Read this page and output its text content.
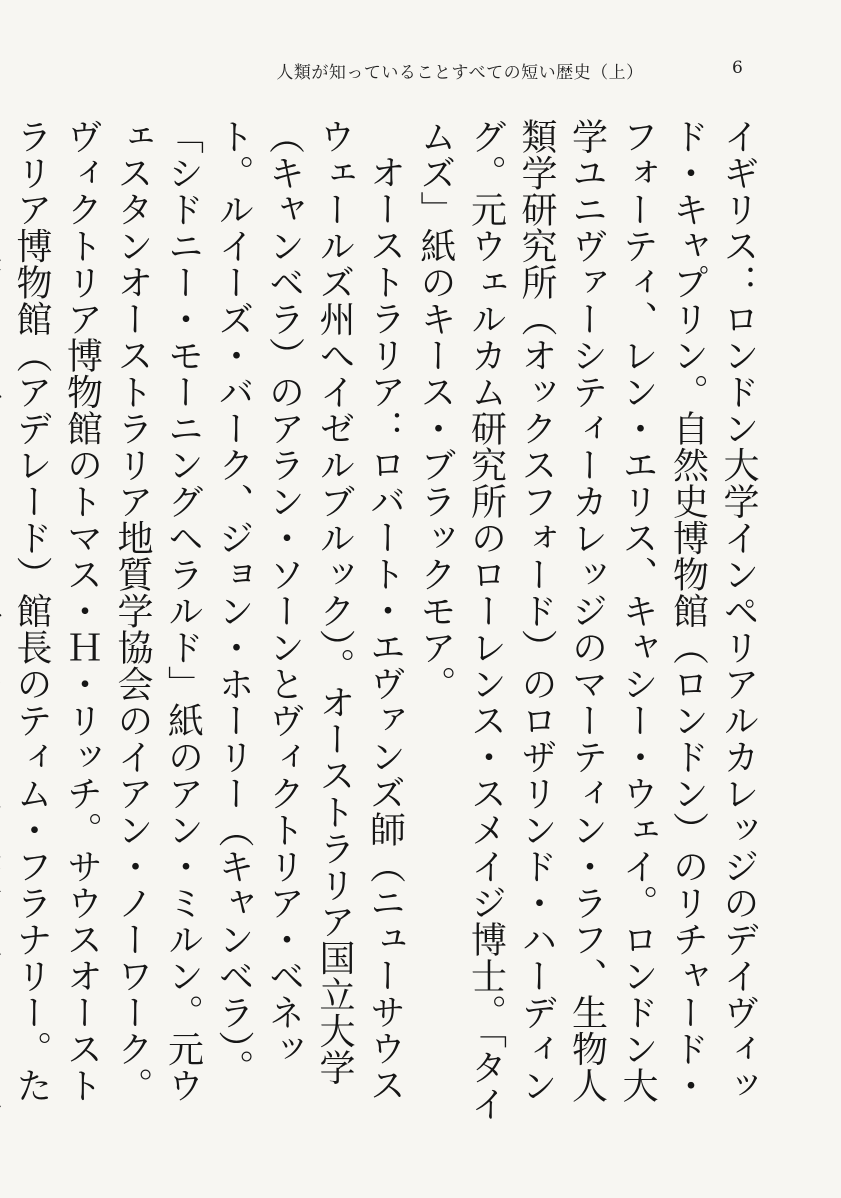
人類が知っていることすべての短い歴史（上）	6

イギリス：ロンドン大学インペリアルカレッジのデイヴィッド・キャプリン。自然史博物館（ロンドン）のリチャード・フォーティ、レン・エリス、キャシー・ウェイ。ロンドン大学ユニヴァーシティーカレッジのマーティン・ラフ、生物人類学研究所（オックスフォード）のロザリンド・ハーディング。元ウェルカム研究所のローレンス・スメイジ博士。「タイムズ」紙のキース・ブラックモア。

オーストラリア：ロバート・エヴァンズ師（ニューサウスウェールズ州へイゼルブルック）。オーストラリア国立大学（キャンベラ）のアラン・ソーンとヴィクトリア・ベネット。ルイーズ・バーク、ジョン・ホーリー（キャンベラ）。「シドニー・モーニングヘラルド」紙のアン・ミルン。元ウェスタンオーストラリア地質学協会のイアン・ノーワーク。ヴィクトリア博物館のトマス・Ｈ・リッチ。サウスオーストラリア博物館（アデレード）館長のティム・フラナリー。た
